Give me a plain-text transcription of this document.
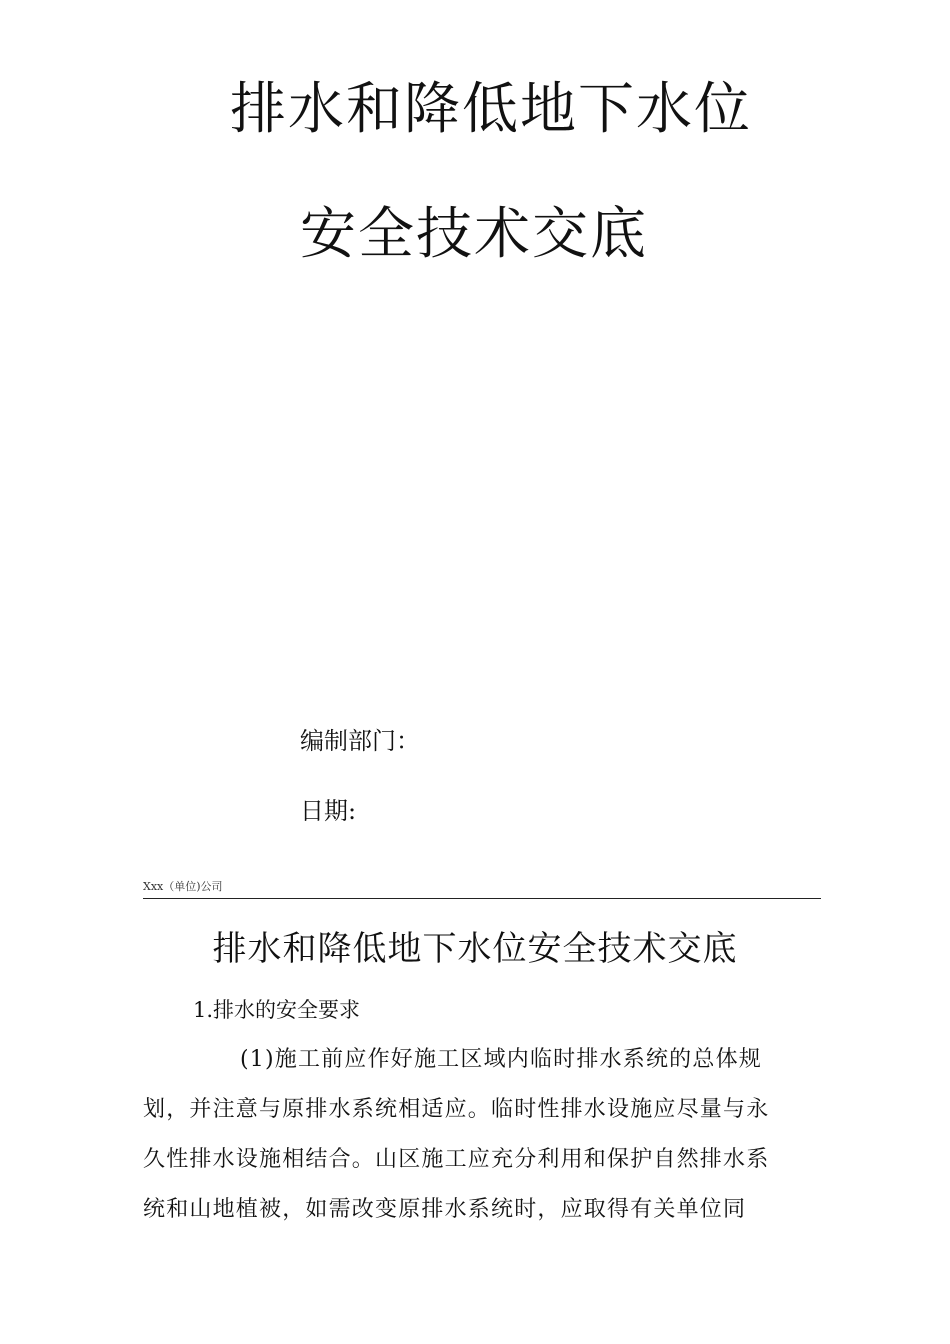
排水和降低地下水位
安全技术交底
编制部门：
日期:
Xxx（单位)公司
排水和降低地下水位安全技术交底
1.排水的安全要求
(1)施工前应作好施工区域内临时排水系统的总体规
划，并注意与原排水系统相适应。临时性排水设施应尽量与永
久性排水设施相结合。山区施工应充分利用和保护自然排水系
统和山地植被，如需改变原排水系统时，应取得有关单位同
